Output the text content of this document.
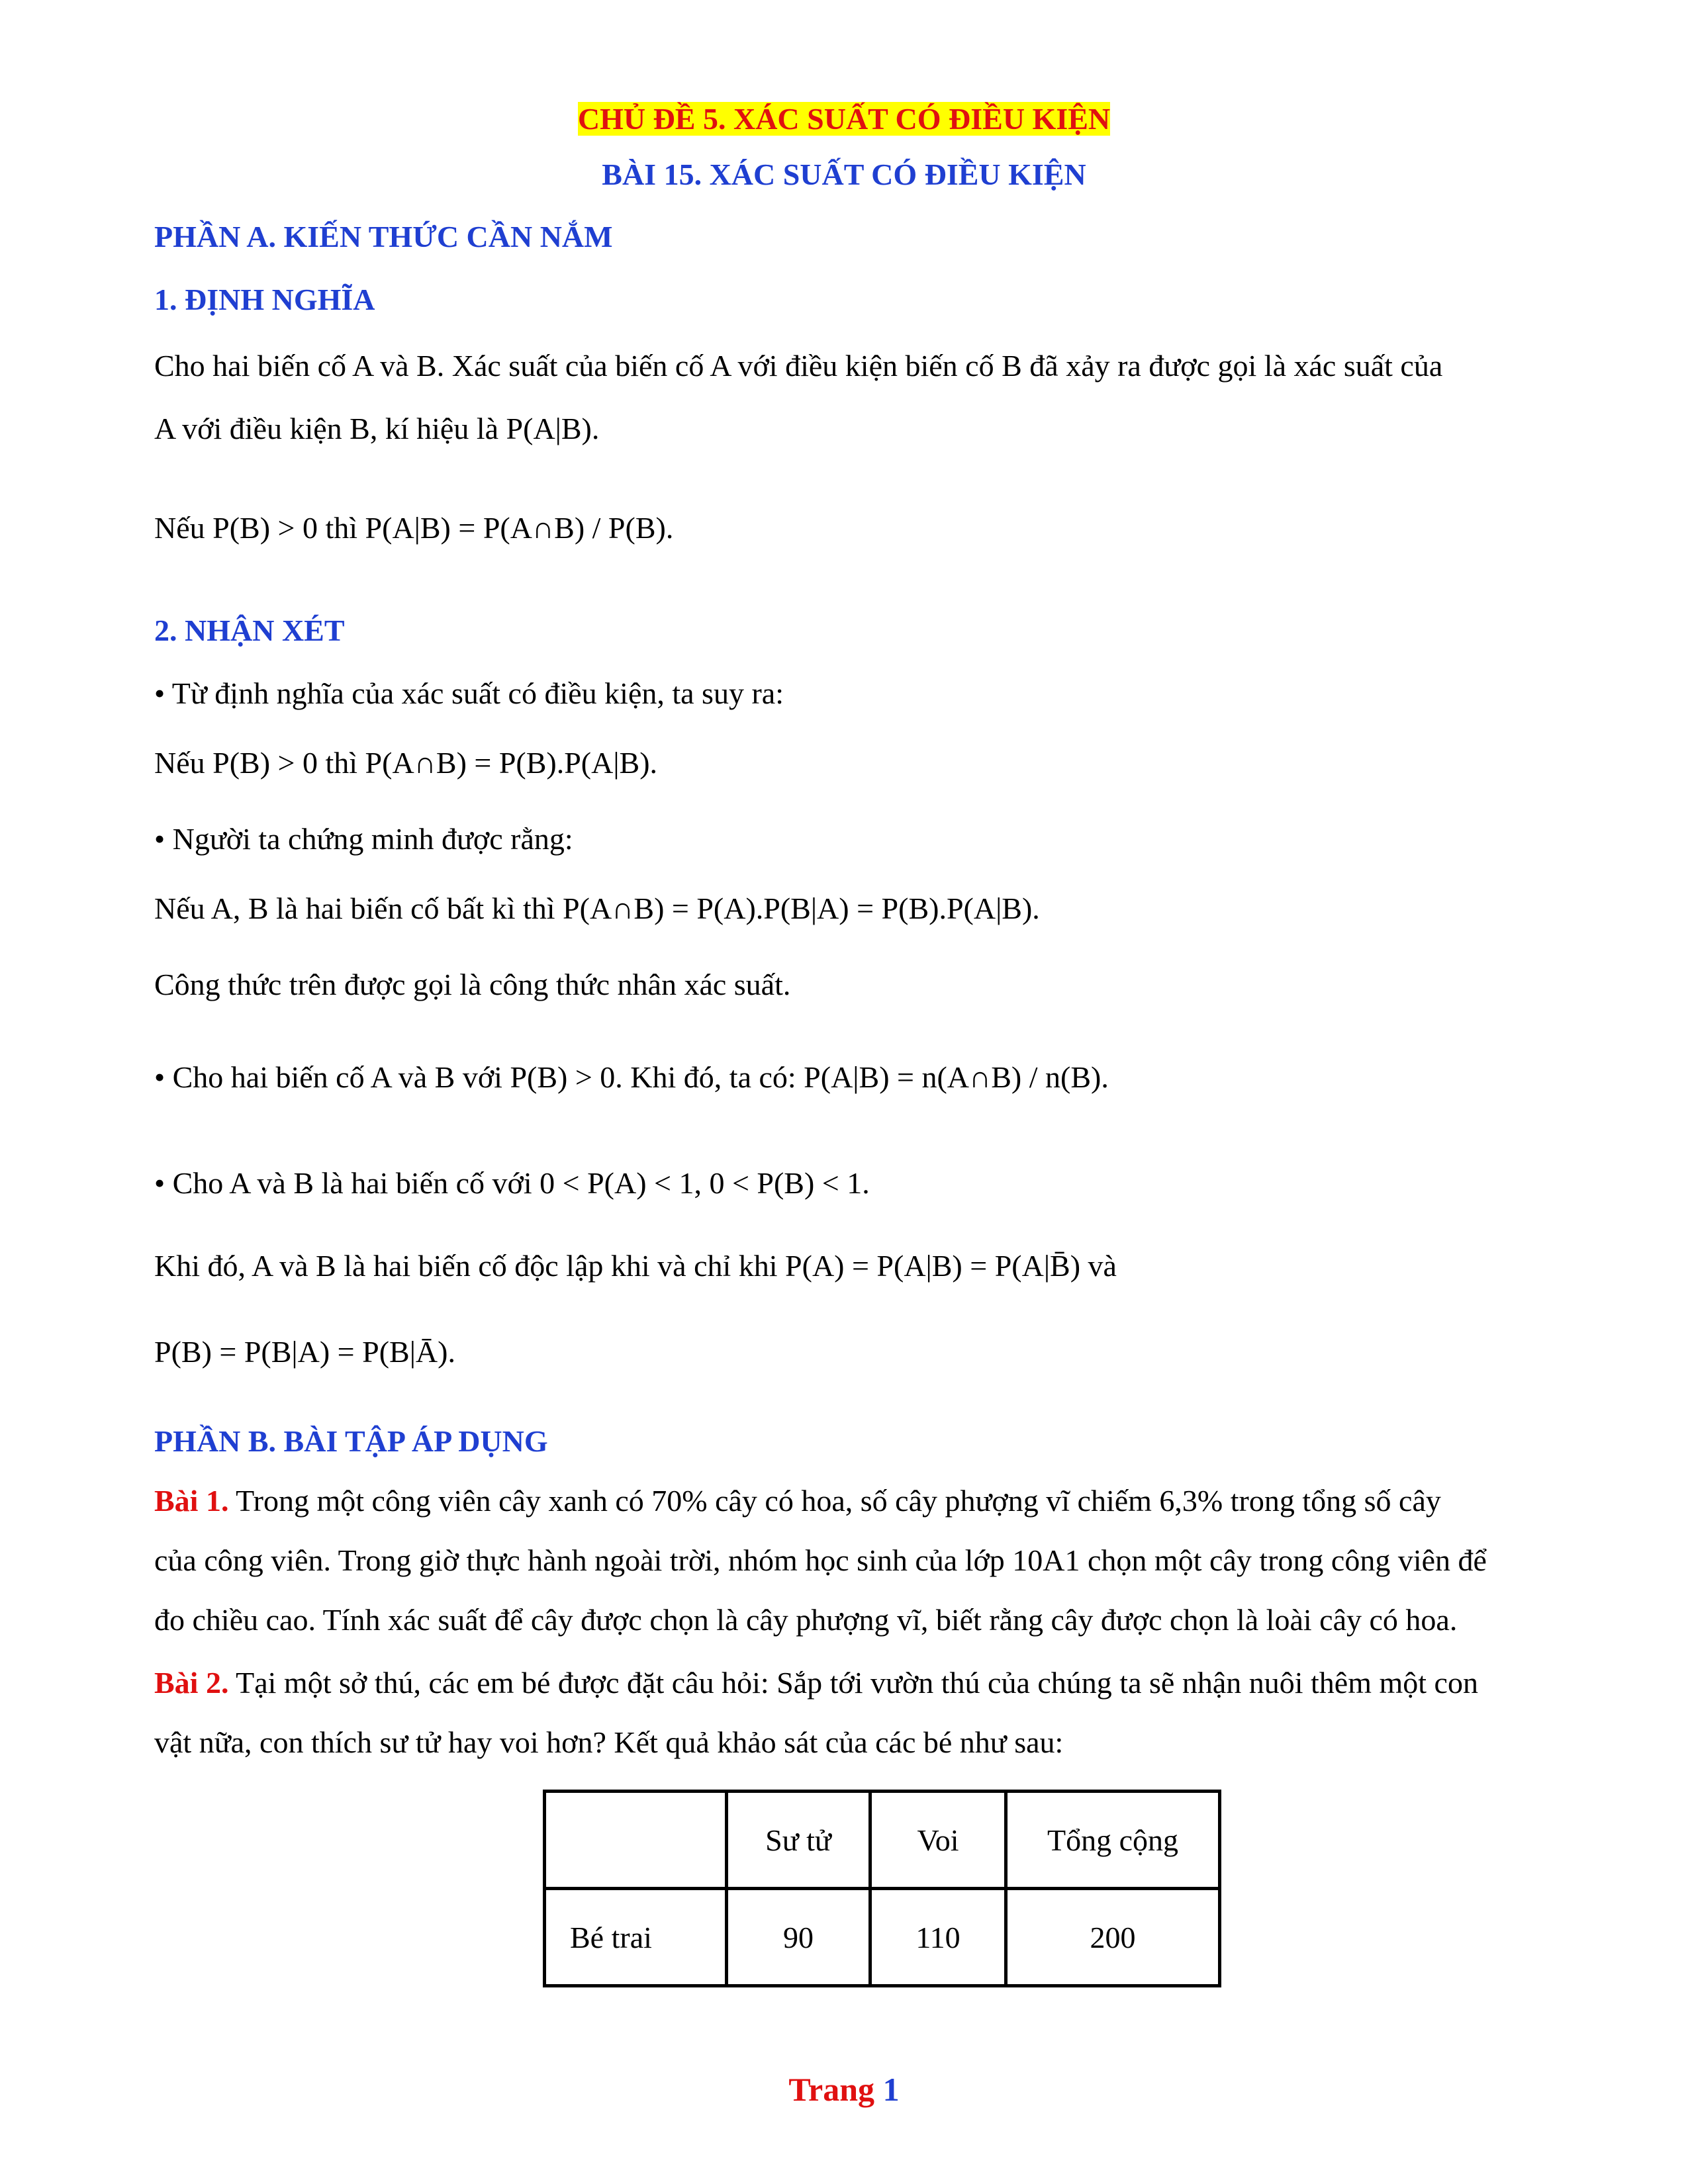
CHỦ ĐỀ 5. XÁC SUẤT CÓ ĐIỀU KIỆN
BÀI 15. XÁC SUẤT CÓ ĐIỀU KIỆN
PHẦN A. KIẾN THỨC CẦN NẮM
1. ĐỊNH NGHĨA
Cho hai biến cố A và B. Xác suất của biến cố A với điều kiện biến cố B đã xảy ra được gọi là xác suất của
A với điều kiện B, kí hiệu là P(A|B).
Nếu P(B) > 0 thì P(A|B) = P(A∩B) / P(B).
2. NHẬN XÉT
• Từ định nghĩa của xác suất có điều kiện, ta suy ra:
Nếu P(B) > 0 thì P(A∩B) = P(B).P(A|B).
• Người ta chứng minh được rằng:
Nếu A, B là hai biến cố bất kì thì P(A∩B) = P(A).P(B|A) = P(B).P(A|B).
Công thức trên được gọi là công thức nhân xác suất.
• Cho hai biến cố A và B với P(B) > 0. Khi đó, ta có: P(A|B) = n(A∩B) / n(B).
• Cho A và B là hai biến cố với 0 < P(A) < 1, 0 < P(B) < 1.
Khi đó, A và B là hai biến cố độc lập khi và chỉ khi P(A) = P(A|B) = P(A|B̄) và
P(B) = P(B|A) = P(B|Ā).
PHẦN B. BÀI TẬP ÁP DỤNG
Bài 1. Trong một công viên cây xanh có 70% cây có hoa, số cây phượng vĩ chiếm 6,3% trong tổng số cây
của công viên. Trong giờ thực hành ngoài trời, nhóm học sinh của lớp 10A1 chọn một cây trong công viên để
đo chiều cao. Tính xác suất để cây được chọn là cây phượng vĩ, biết rằng cây được chọn là loài cây có hoa.
Bài 2. Tại một sở thú, các em bé được đặt câu hỏi: Sắp tới vườn thú của chúng ta sẽ nhận nuôi thêm một con
vật nữa, con thích sư tử hay voi hơn? Kết quả khảo sát của các bé như sau:
	Sư tử	Voi	Tổng cộng
Bé trai	90	110	200
Trang 1
